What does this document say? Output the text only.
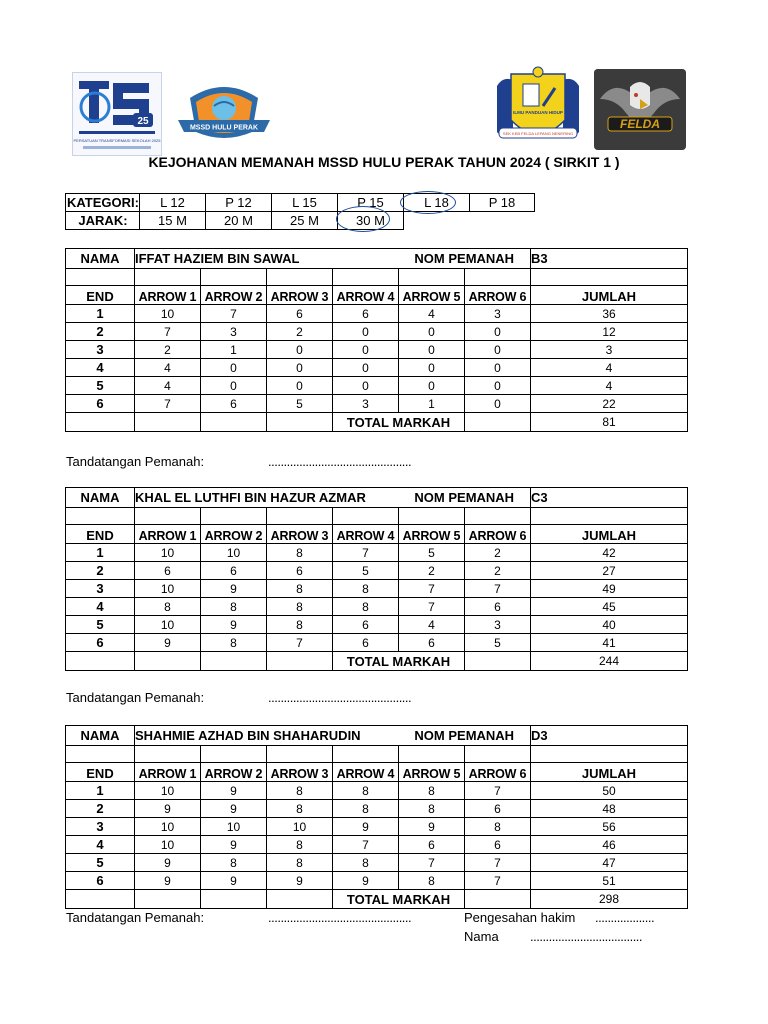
25
PERSATUAN TRANSFORMASI SEKOLAH 2025
MSSD HULU PERAK
ILMU PANDUAN HIDUP
SEK KEB FELDA LEPANG NENERING
FELDA
KEJOHANAN MEMANAH MSSD HULU PERAK TAHUN 2024 ( SIRKIT 1 )
KATEGORI:	L 12	P 12	L 15	P 15	L 18	P 18
JARAK:	15 M	20 M	25 M	30 M		
NAMA	IFFAT HAZIEM BIN SAWAL				NOM PEMANAH		B3

END	ARROW 1	ARROW 2	ARROW 3	ARROW 4	ARROW 5	ARROW 6	JUMLAH
1	10	7	6	6	4	3	36
2	7	3	2	0	0	0	12
3	2	1	0	0	0	0	3
4	4	0	0	0	0	0	4
5	4	0	0	0	0	0	4
6	7	6	5	3	1	0	22
				TOTAL MARKAH			81
Tandatangan Pemanah:	..............................................
NAMA	KHAL EL LUTHFI BIN HAZUR AZMAR				NOM PEMANAH		C3

END	ARROW 1	ARROW 2	ARROW 3	ARROW 4	ARROW 5	ARROW 6	JUMLAH
1	10	10	8	7	5	2	42
2	6	6	6	5	2	2	27
3	10	9	8	8	7	7	49
4	8	8	8	8	7	6	45
5	10	9	8	6	4	3	40
6	9	8	7	6	6	5	41
				TOTAL MARKAH			244
Tandatangan Pemanah:	..............................................
NAMA	SHAHMIE AZHAD BIN SHAHARUDIN				NOM PEMANAH		D3

END	ARROW 1	ARROW 2	ARROW 3	ARROW 4	ARROW 5	ARROW 6	JUMLAH
1	10	9	8	8	8	7	50
2	9	9	8	8	8	6	48
3	10	10	10	9	9	8	56
4	10	9	8	7	6	6	46
5	9	8	8	8	7	7	47
6	9	9	9	9	8	7	51
				TOTAL MARKAH			298
Tandatangan Pemanah:	..............................................	Pengesahan hakim ...................
Nama ....................................
